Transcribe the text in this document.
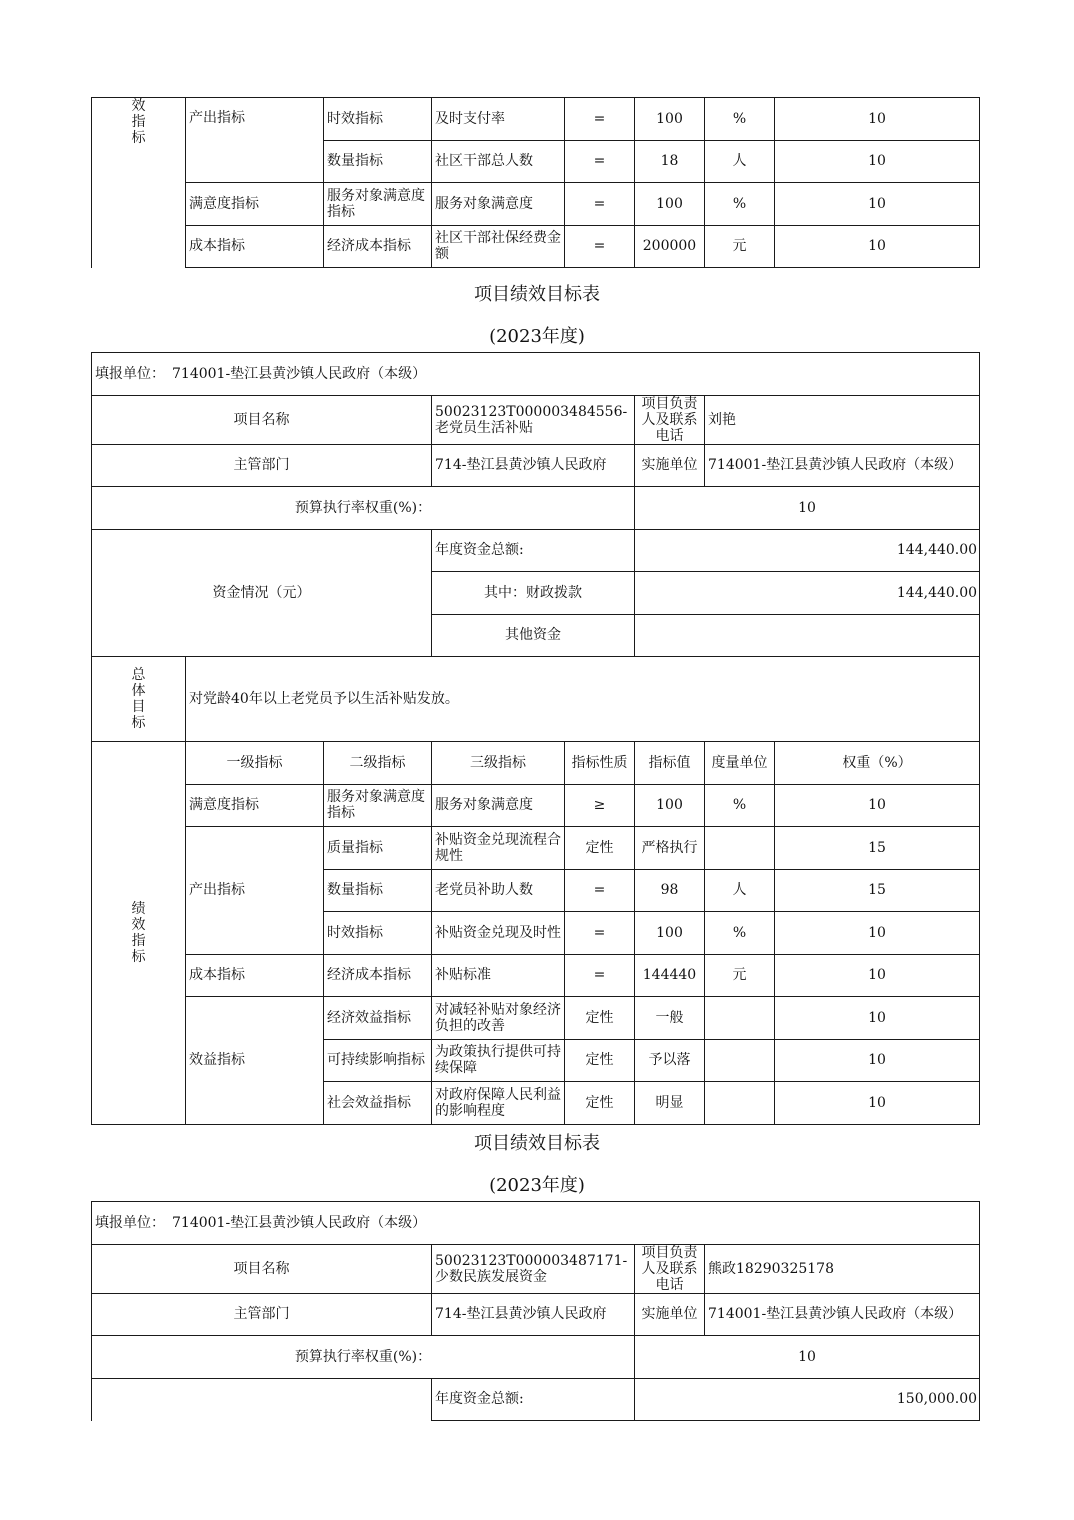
效
指
标	产出指标	时效指标	及时支付率	=	100	%	10
		数量指标	社区干部总人数	=	18	人	10
	满意度指标	服务对象满意度指标	服务对象满意度	=	100	%	10
	成本指标	经济成本指标	社区干部社保经费金额	=	200000	元	10
项目绩效目标表
(2023年度)
填报单位：　714001-垫江县黄沙镇人民政府（本级）							
项目名称			50023123T000003484556-老党员生活补贴		项目负责人及联系电话	刘艳	
主管部门			714-垫江县黄沙镇人民政府		实施单位	714001-垫江县黄沙镇人民政府（本级）	
预算执行率权重(%)：					10		
资金情况（元）			年度资金总额:		144,440.00		
			其中：财政拨款		144,440.00		
			其他资金				

总
体
目
标	对党龄40年以上老党员予以生活补贴发放。						

绩
效
指
标	一级指标	二级指标	三级指标	指标性质	指标值	度量单位	权重（%）
	满意度指标	服务对象满意度指标	服务对象满意度	≥	100	%	10
	产出指标	质量指标	补贴资金兑现流程合规性	定性	严格执行		15
		数量指标	老党员补助人数	=	98	人	15
		时效指标	补贴资金兑现及时性	=	100	%	10
	成本指标	经济成本指标	补贴标准	=	144440	元	10
	效益指标	经济效益指标	对减轻补贴对象经济负担的改善	定性	一般		10
		可持续影响指标	为政策执行提供可持续保障	定性	予以落		10
		社会效益指标	对政府保障人民利益的影响程度	定性	明显		10
项目绩效目标表
(2023年度)
填报单位：　714001-垫江县黄沙镇人民政府（本级）			
项目名称	50023123T000003487171-少数民族发展资金	项目负责人及联系电话	熊政18290325178
主管部门	714-垫江县黄沙镇人民政府	实施单位	714001-垫江县黄沙镇人民政府（本级）
预算执行率权重(%)：		10	
	年度资金总额:	150,000.00	
